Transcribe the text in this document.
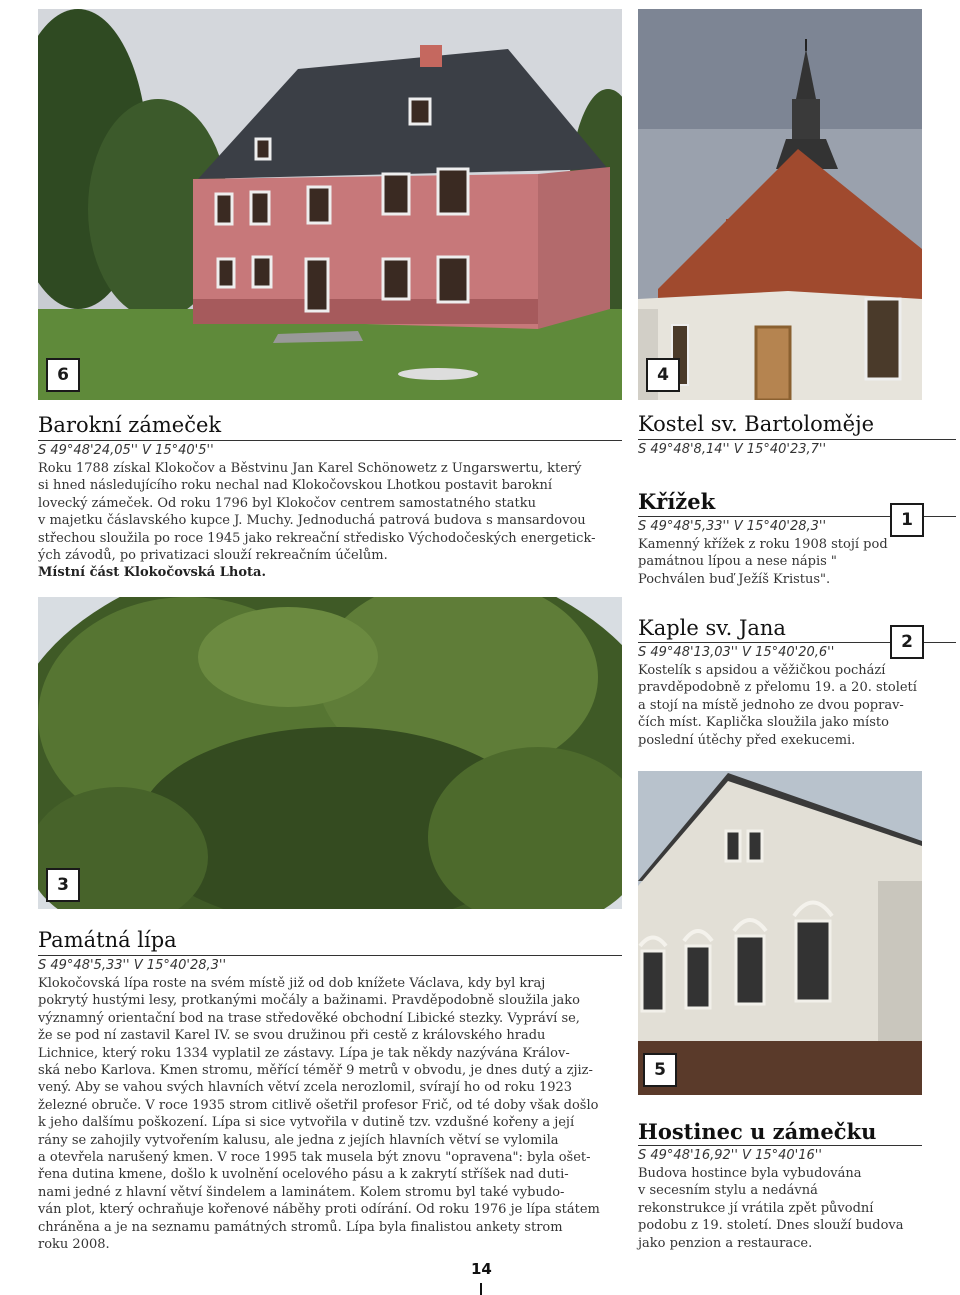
6	4
Barokní zámeček
S 49°48'24,05'' V 15°40'5''
Roku 1788 získal Klokočov a Běstvinu Jan Karel Schönowetz z Ungarswertu, který
si hned následujícího roku nechal nad Klokočovskou Lhotkou postavit barokní
lovecký zámeček. Od roku 1796 byl Klokočov centrem samostatného statku
v majetku čáslavského kupce J. Muchy. Jednoduchá patrová budova s mansardovou
střechou sloužila po roce 1945 jako rekreační středisko Východočeských energetick-
ých závodů, po privatizaci slouží rekreačním účelům.
Místní část Klokočovská Lhota.
Kostel sv. Bartoloměje
S 49°48'8,14'' V 15°40'23,7''
Křížek
1
S 49°48'5,33'' V 15°40'28,3''
Kamenný křížek z roku 1908 stojí pod
památnou lípou a nese nápis "
Pochválen buď Ježíš Kristus".
Kaple sv. Jana
2
S 49°48'13,03'' V 15°40'20,6''
Kostelík s apsidou a věžičkou pochází
pravděpodobně z přelomu 19. a 20. století
a stojí na místě jednoho ze dvou poprav-
čích míst. Kaplička sloužila jako místo
poslední útěchy před exekucemi.
3
5
Památná lípa
S 49°48'5,33'' V 15°40'28,3''
Klokočovská lípa roste na svém místě již od dob knížete Václava, kdy byl kraj
pokrytý hustými lesy, protkanými močály a bažinami. Pravděpodobně sloužila jako
významný orientační bod na trase středověké obchodní Libické stezky. Vypráví se,
že se pod ní zastavil Karel IV. se svou družinou při cestě z královského hradu
Lichnice, který roku 1334 vyplatil ze zástavy. Lípa je tak někdy nazývána Králov-
ská nebo Karlova. Kmen stromu, měřící téměř 9 metrů v obvodu, je dnes dutý a zjiz-
vený. Aby se vahou svých hlavních větví zcela nerozlomil, svírají ho od roku 1923
železné obruče. V roce 1935 strom citlivě ošetřil profesor Frič, od té doby však došlo
k jeho dalšímu poškození. Lípa si sice vytvořila v dutině tzv. vzdušné kořeny a její
rány se zahojily vytvořením kalusu, ale jedna z jejích hlavních větví se vylomila
a otevřela narušený kmen. V roce 1995 tak musela být znovu "opravena": byla ošet-
řena dutina kmene, došlo k uvolnění ocelového pásu a k zakrytí stříšek nad duti-
nami jedné z hlavní větví šindelem a laminátem. Kolem stromu byl také vybudo-
ván plot, který ochraňuje kořenové náběhy proti odírání. Od roku 1976 je lípa státem
chráněna a je na seznamu památných stromů. Lípa byla finalistou ankety strom
roku 2008.
Hostinec u zámečku
S 49°48'16,92'' V 15°40'16''
Budova hostince byla vybudována
v secesním stylu a nedávná
rekonstrukce jí vrátila zpět původní
podobu z 19. století. Dnes slouží budova
jako penzion a restaurace.
14
